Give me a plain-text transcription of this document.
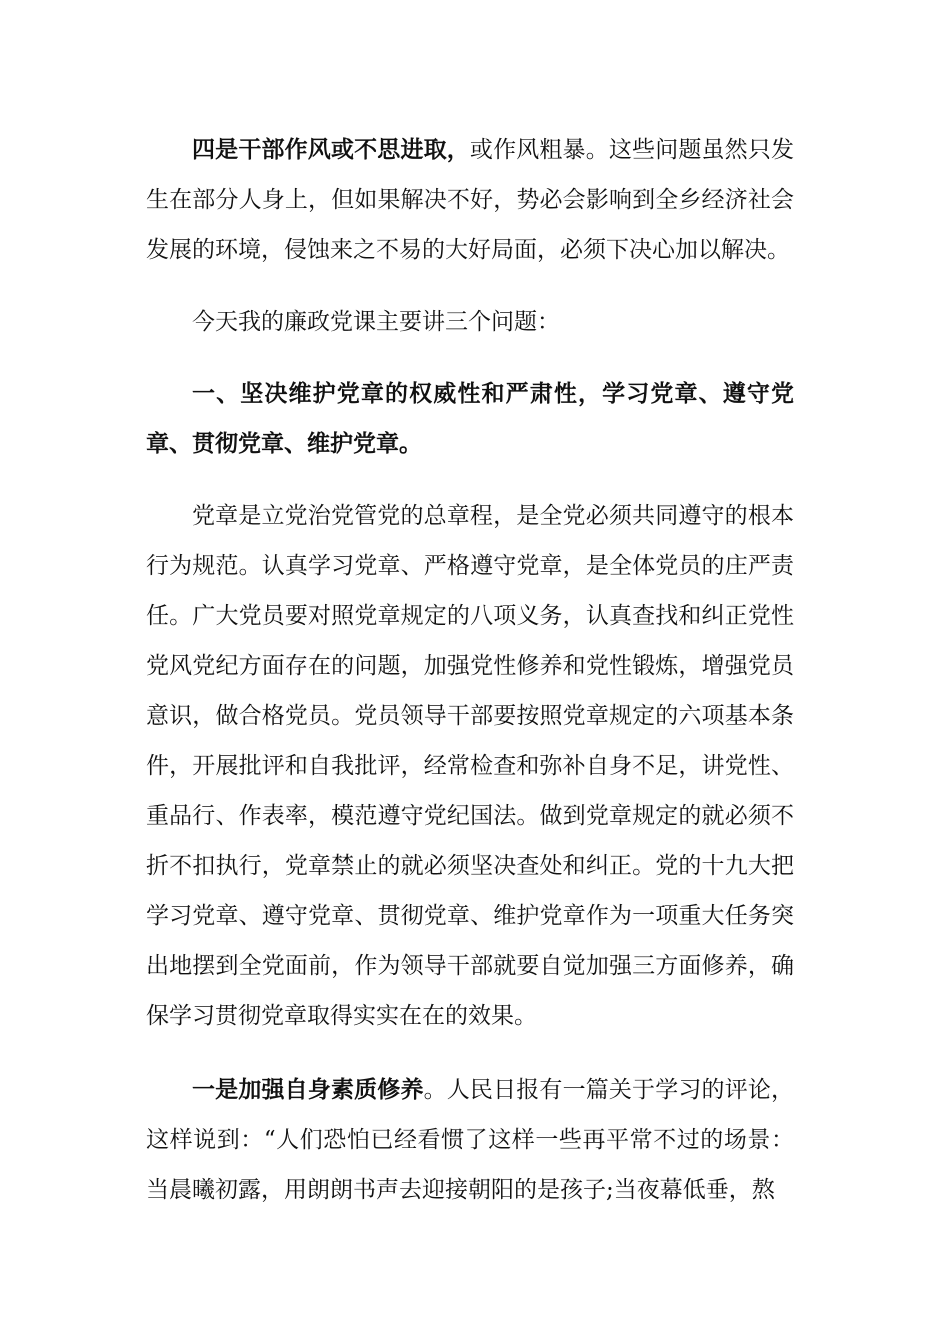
四是干部作风或不思进取，或作风粗暴。这些问题虽然只发生在部分人身上，但如果解决不好，势必会影响到全乡经济社会发展的环境，侵蚀来之不易的大好局面，必须下决心加以解决。

今天我的廉政党课主要讲三个问题：

一、坚决维护党章的权威性和严肃性，学习党章、遵守党章、贯彻党章、维护党章。

党章是立党治党管党的总章程，是全党必须共同遵守的根本行为规范。认真学习党章、严格遵守党章，是全体党员的庄严责任。广大党员要对照党章规定的八项义务，认真查找和纠正党性党风党纪方面存在的问题，加强党性修养和党性锻炼，增强党员意识，做合格党员。党员领导干部要按照党章规定的六项基本条件，开展批评和自我批评，经常检查和弥补自身不足，讲党性、重品行、作表率，模范遵守党纪国法。做到党章规定的就必须不折不扣执行，党章禁止的就必须坚决查处和纠正。党的十九大把学习党章、遵守党章、贯彻党章、维护党章作为一项重大任务突出地摆到全党面前，作为领导干部就要自觉加强三方面修养，确保学习贯彻党章取得实实在在的效果。

一是加强自身素质修养。人民日报有一篇关于学习的评论，这样说到：“人们恐怕已经看惯了这样一些再平常不过的场景：当晨曦初露，用朗朗书声去迎接朝阳的是孩子;当夜幕低垂，熬
